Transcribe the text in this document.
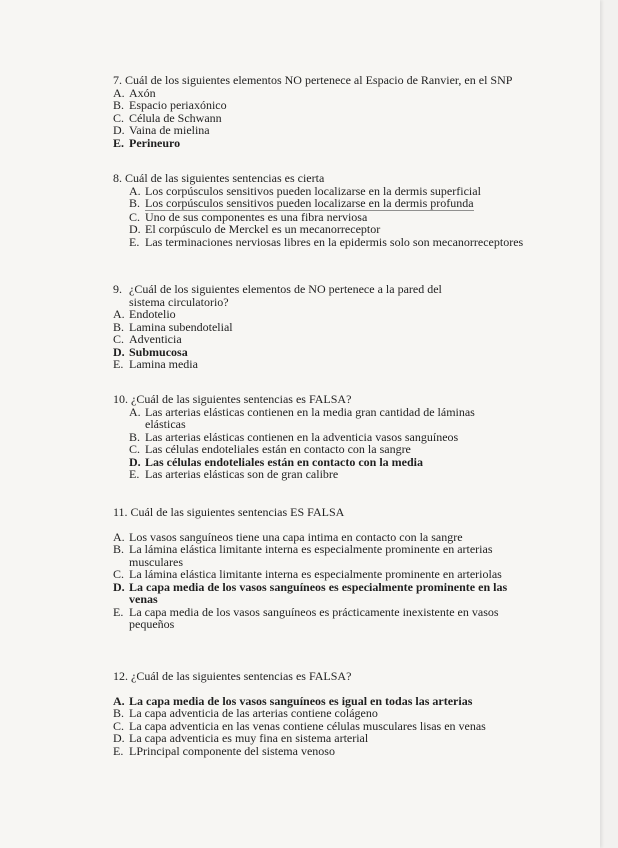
7. Cuál de los siguientes elementos NO pertenece al Espacio de Ranvier, en el SNP

A. Axón
B. Espacio periaxónico
C. Célula de Schwann
D. Vaina de mielina
E. Perineuro

8. Cuál de las siguientes sentencias es cierta

A. Los corpúsculos sensitivos pueden localizarse en la dermis superficial
B. Los corpúsculos sensitivos pueden localizarse en la dermis profunda
C. Uno de sus componentes es una fibra nerviosa
D. El corpúsculo de Merckel es un mecanorreceptor
E. Las terminaciones nerviosas libres en la epidermis solo son mecanorreceptores
9. ¿Cuál de los siguientes elementos de NO pertenece a la pared del sistema circulatorio?
A. Endotelio
B. Lamina subendotelial
C. Adventicia
D. Submucosa
E. Lamina media

10. ¿Cuál de las siguientes sentencias es FALSA?

A. Las arterias elásticas contienen en la media gran cantidad de láminas elásticas
B. Las arterias elásticas contienen en la adventicia vasos sanguíneos
C. Las células endoteliales están en contacto con la sangre
D. Las células endoteliales están en contacto con la media
E. Las arterias elásticas son de gran calibre

11. Cuál de las siguientes sentencias ES FALSA

A. Los vasos sanguíneos tiene una capa intima en contacto con la sangre
B. La lámina elástica limitante interna es especialmente prominente en arterias musculares
C. La lámina elástica limitante interna es especialmente prominente en arteriolas
D. La capa media de los vasos sanguíneos es especialmente prominente en las venas
E. La capa media de los vasos sanguíneos es prácticamente inexistente en vasos pequeños

12. ¿Cuál de las siguientes sentencias es FALSA?

A. La capa media de los vasos sanguíneos es igual en todas las arterias
B. La capa adventicia de las arterias contiene colágeno
C. La capa adventicia en las venas contiene células musculares lisas en venas
D. La capa adventicia es muy fina en sistema arterial
E. LPrincipal componente del sistema venoso
